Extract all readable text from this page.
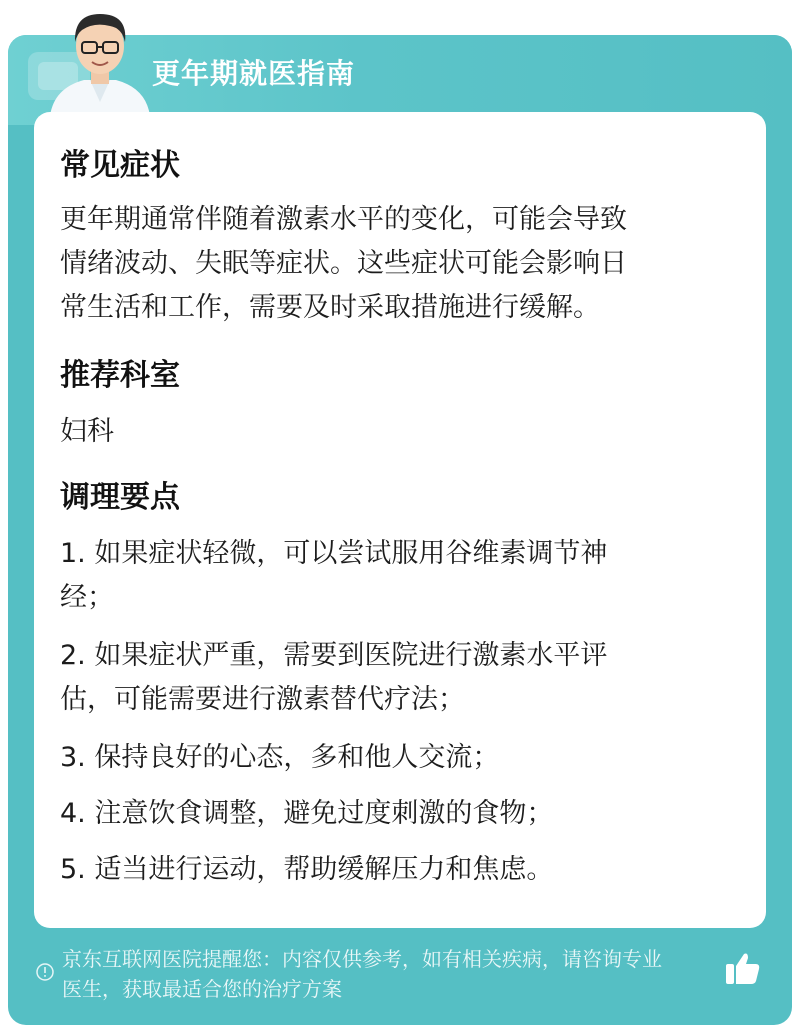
更年期就医指南
常见症状
更年期通常伴随着激素水平的变化，可能会导致
情绪波动、失眠等症状。这些症状可能会影响日
常生活和工作，需要及时采取措施进行缓解。
推荐科室
妇科
调理要点
1. 如果症状轻微，可以尝试服用谷维素调节神
经；
2. 如果症状严重，需要到医院进行激素水平评
估，可能需要进行激素替代疗法；
3. 保持良好的心态，多和他人交流；
4. 注意饮食调整，避免过度刺激的食物；
5. 适当进行运动，帮助缓解压力和焦虑。
京东互联网医院提醒您：内容仅供参考，如有相关疾病，请咨询专业
医生，获取最适合您的治疗方案
